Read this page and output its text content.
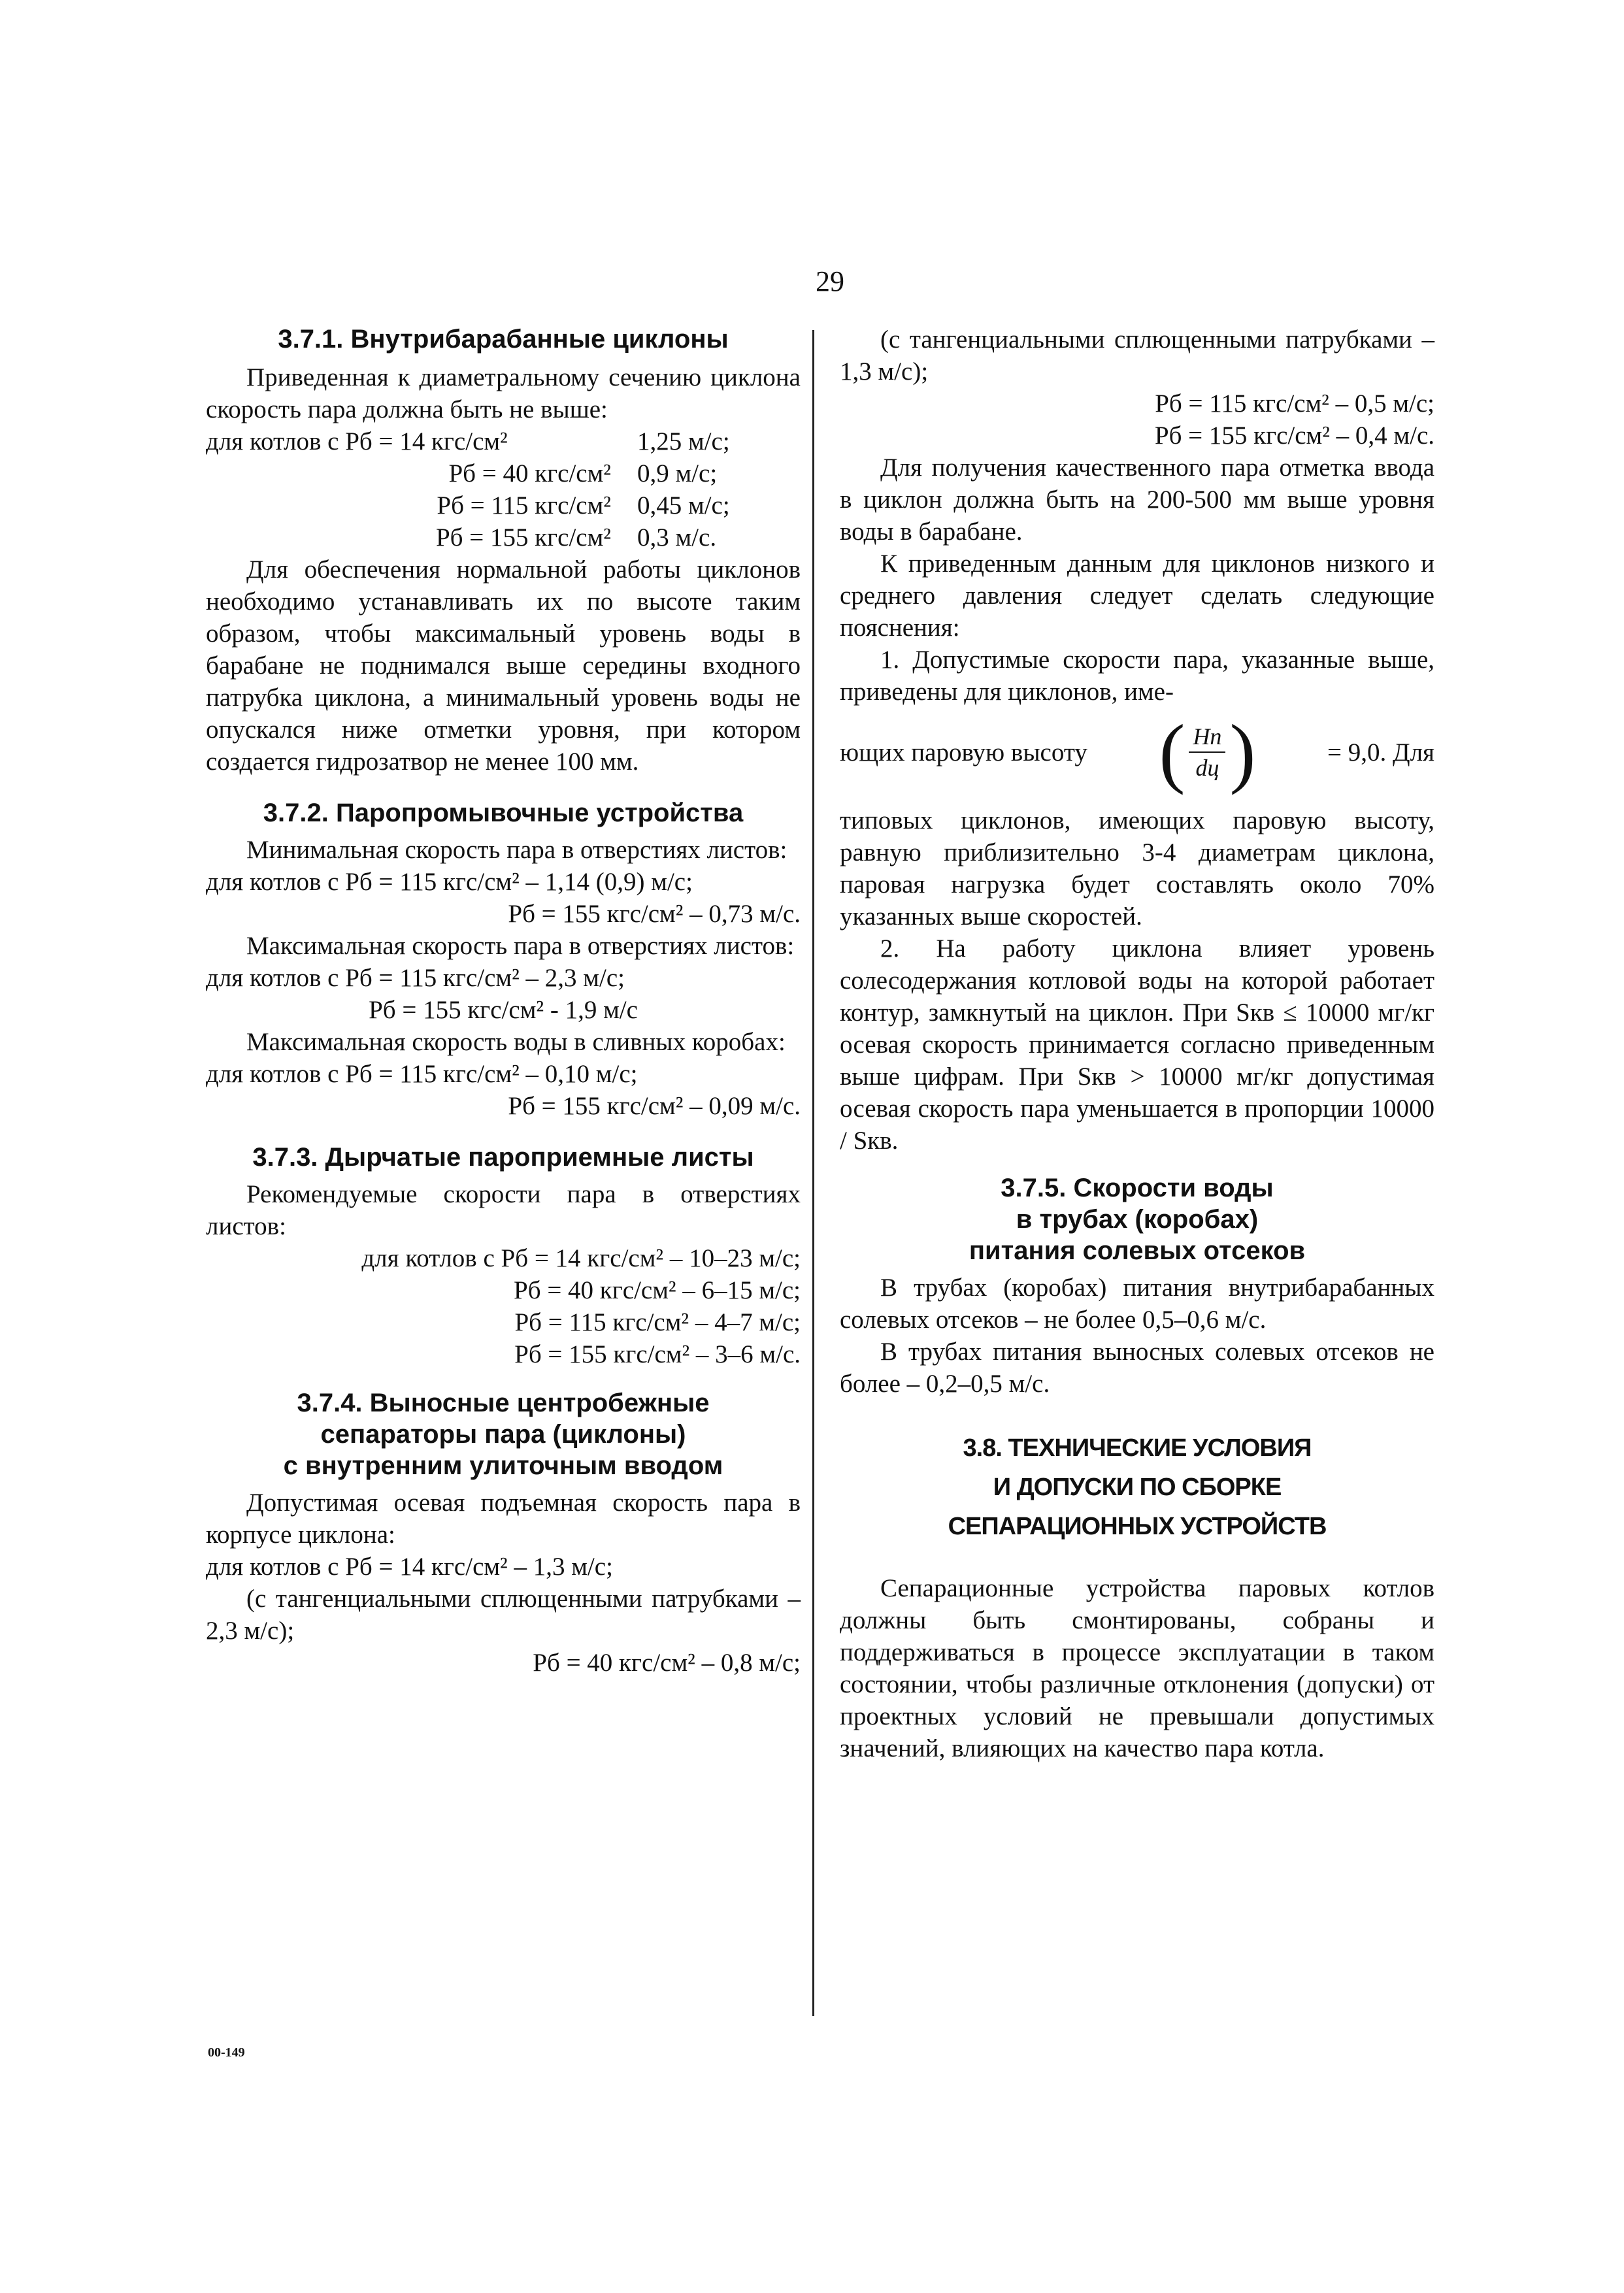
29
3.7.1. Внутрибарабанные циклоны

Приведенная к диаметральному сечению циклона скорость пара должна быть не выше:

для котлов с Pб = 14 кгс/см²	1,25 м/с;
Pб = 40 кгс/см²	0,9 м/с;
Pб = 115 кгс/см²	0,45 м/с;
Pб = 155 кгс/см²	0,3 м/с.

Для обеспечения нормальной работы циклонов необходимо устанавливать их по высоте таким образом, чтобы максимальный уровень воды в барабане не поднимался выше середины входного патрубка циклона, а минимальный уровень воды не опускался ниже отметки уровня, при котором создается гидрозатвор не менее 100 мм.

3.7.2. Паропромывочные устройства

Минимальная скорость пара в отверстиях листов:

для котлов с Pб = 115 кгс/см² – 1,14 (0,9) м/с;

Pб = 155 кгс/см² – 0,73 м/с.

Максимальная скорость пара в отверстиях листов:

для котлов с Pб = 115 кгс/см² – 2,3 м/с;

Pб = 155 кгс/см² - 1,9 м/с

Максимальная скорость воды в сливных коробах:

для котлов с Pб = 115 кгс/см² – 0,10 м/с;

Pб = 155 кгс/см² – 0,09 м/с.

3.7.3. Дырчатые пароприемные листы

Рекомендуемые скорости пара в отверстиях листов:

для котлов с Pб = 14 кгс/см² – 10–23 м/с;

Pб = 40 кгс/см² – 6–15 м/с;

Pб = 115 кгс/см² – 4–7 м/с;

Pб = 155 кгс/см² – 3–6 м/с.

3.7.4. Выносные центробежные
сепараторы пара (циклоны)
с внутренним улиточным вводом

Допустимая осевая подъемная скорость пара в корпусе циклона:

для котлов с Pб = 14 кгс/см² – 1,3 м/с;

(с тангенциальными сплющенными патрубками – 2,3 м/с);

Pб = 40 кгс/см² – 0,8 м/с;

(с тангенциальными сплющенными патрубками – 1,3 м/с);

Pб = 115 кгс/см² – 0,5 м/с;

Pб = 155 кгс/см² – 0,4 м/с.

Для получения качественного пара отметка ввода в циклон должна быть на 200-500 мм выше уровня воды в барабане.

К приведенным данным для циклонов низкого и среднего давления следует сделать следующие пояснения:

1. Допустимые скорости пара, указанные выше, приведены для циклонов, име-

ющих паровую высоту ( Hп
dц )	= 9,0. Для

типовых циклонов, имеющих паровую высоту, равную приблизительно 3-4 диаметрам циклона, паровая нагрузка будет составлять около 70% указанных выше скоростей.

2. На работу циклона влияет уровень солесодержания котловой воды на которой работает контур, замкнутый на циклон. При Sкв ≤ 10000 мг/кг осевая скорость принимается согласно приведенным выше цифрам. При Sкв > 10000 мг/кг допустимая осевая скорость пара уменьшается в пропорции 10000 / Sкв.

3.7.5. Скорости воды
в трубах (коробах)
питания солевых отсеков

В трубах (коробах) питания внутрибарабанных солевых отсеков – не более 0,5–0,6 м/с.

В трубах питания выносных солевых отсеков не более – 0,2–0,5 м/с.

3.8. ТЕХНИЧЕСКИЕ УСЛОВИЯ
И ДОПУСКИ ПО СБОРКЕ
СЕПАРАЦИОННЫХ УСТРОЙСТВ

Сепарационные устройства паровых котлов должны быть смонтированы, собраны и поддерживаться в процессе эксплуатации в таком состоянии, чтобы различные отклонения (допуски) от проектных условий не превышали допустимых значений, влияющих на качество пара котла.

00-149
